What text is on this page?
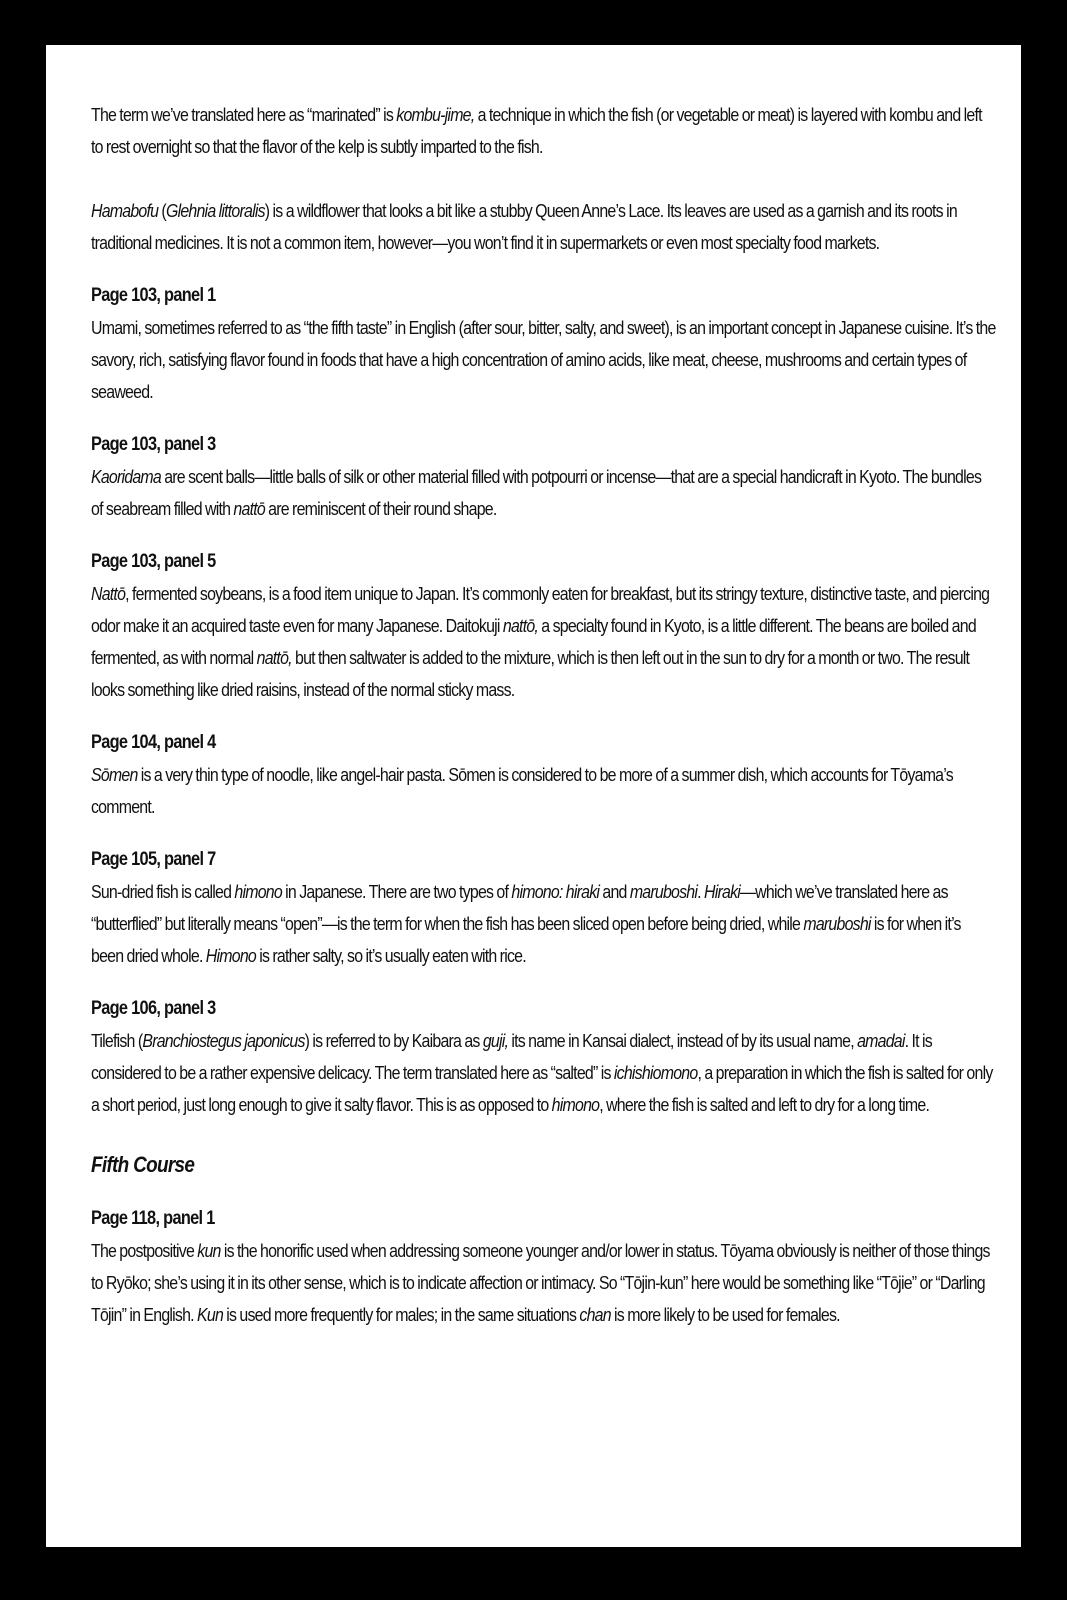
The term we’ve translated here as “marinated” is kombu-jime, a technique in which the fish (or vegetable or meat) is layered with kombu and left to rest overnight so that the flavor of the kelp is subtly imparted to the fish.

Hamabofu (Glehnia littoralis) is a wildflower that looks a bit like a stubby Queen Anne’s Lace. Its leaves are used as a garnish and its roots in traditional medicines. It is not a common item, however—you won’t find it in supermarkets or even most specialty food markets.

Page 103, panel 1

Umami, sometimes referred to as “the fifth taste” in English (after sour, bitter, salty, and sweet), is an important concept in Japanese cuisine. It’s the savory, rich, satisfying flavor found in foods that have a high concentration of amino acids, like meat, cheese, mushrooms and certain types of seaweed.

Page 103, panel 3

Kaoridama are scent balls—little balls of silk or other material filled with potpourri or incense—that are a special handicraft in Kyoto. The bundles of seabream filled with nattō are reminiscent of their round shape.

Page 103, panel 5

Nattō, fermented soybeans, is a food item unique to Japan. It’s commonly eaten for breakfast, but its stringy texture, distinctive taste, and piercing odor make it an acquired taste even for many Japanese. Daitokuji nattō, a specialty found in Kyoto, is a little different. The beans are boiled and fermented, as with normal nattō, but then saltwater is added to the mixture, which is then left out in the sun to dry for a month or two. The result looks something like dried raisins, instead of the normal sticky mass.

Page 104, panel 4

Sōmen is a very thin type of noodle, like angel-hair pasta. Sōmen is considered to be more of a summer dish, which accounts for Tōyama’s comment.

Page 105, panel 7

Sun-dried fish is called himono in Japanese. There are two types of himono: hiraki and maruboshi. Hiraki—which we’ve translated here as “butterflied” but literally means “open”—is the term for when the fish has been sliced open before being dried, while maruboshi is for when it’s been dried whole. Himono is rather salty, so it’s usually eaten with rice.

Page 106, panel 3

Tilefish (Branchiostegus japonicus) is referred to by Kaibara as guji, its name in Kansai dialect, instead of by its usual name, amadai. It is considered to be a rather expensive delicacy. The term translated here as “salted” is ichishiomono, a preparation in which the fish is salted for only a short period, just long enough to give it salty flavor. This is as opposed to himono, where the fish is salted and left to dry for a long time.

Fifth Course

Page 118, panel 1

The postpositive kun is the honorific used when addressing someone younger and/or lower in status. Tōyama obviously is neither of those things to Ryōko; she’s using it in its other sense, which is to indicate affection or intimacy. So “Tōjin-kun” here would be something like “Tōjie” or “Darling Tōjin” in English. Kun is used more frequently for males; in the same situations chan is more likely to be used for females.
